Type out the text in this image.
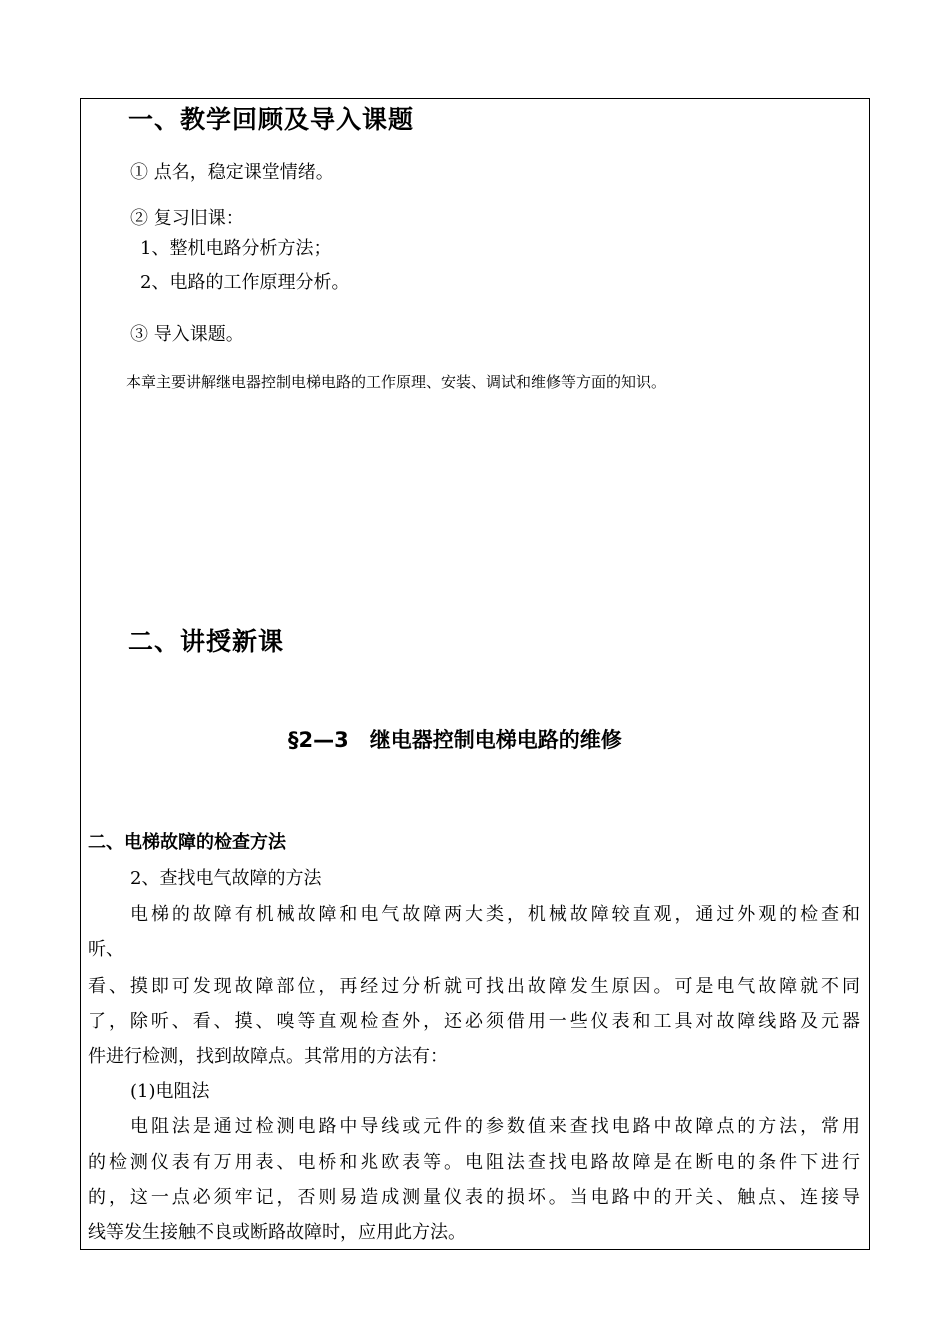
一、教学回顾及导入课题
① 点名，稳定课堂情绪。
② 复习旧课：
1、整机电路分析方法；
2、电路的工作原理分析。
③ 导入课题。
本章主要讲解继电器控制电梯电路的工作原理、安装、调试和维修等方面的知识。
二、讲授新课
§2—3　继电器控制电梯电路的维修
二、电梯故障的检查方法
2、查找电气故障的方法
电梯的故障有机械故障和电气故障两大类，机械故障较直观，通过外观的检查和
听、
看、摸即可发现故障部位，再经过分析就可找出故障发生原因。可是电气故障就不同
了，除听、看、摸、嗅等直观检查外，还必须借用一些仪表和工具对故障线路及元器
件进行检测，找到故障点。其常用的方法有：
(1)电阻法
电阻法是通过检测电路中导线或元件的参数值来查找电路中故障点的方法，常用
的检测仪表有万用表、电桥和兆欧表等。电阻法查找电路故障是在断电的条件下进行
的，这一点必须牢记，否则易造成测量仪表的损坏。当电路中的开关、触点、连接导
线等发生接触不良或断路故障时，应用此方法。
